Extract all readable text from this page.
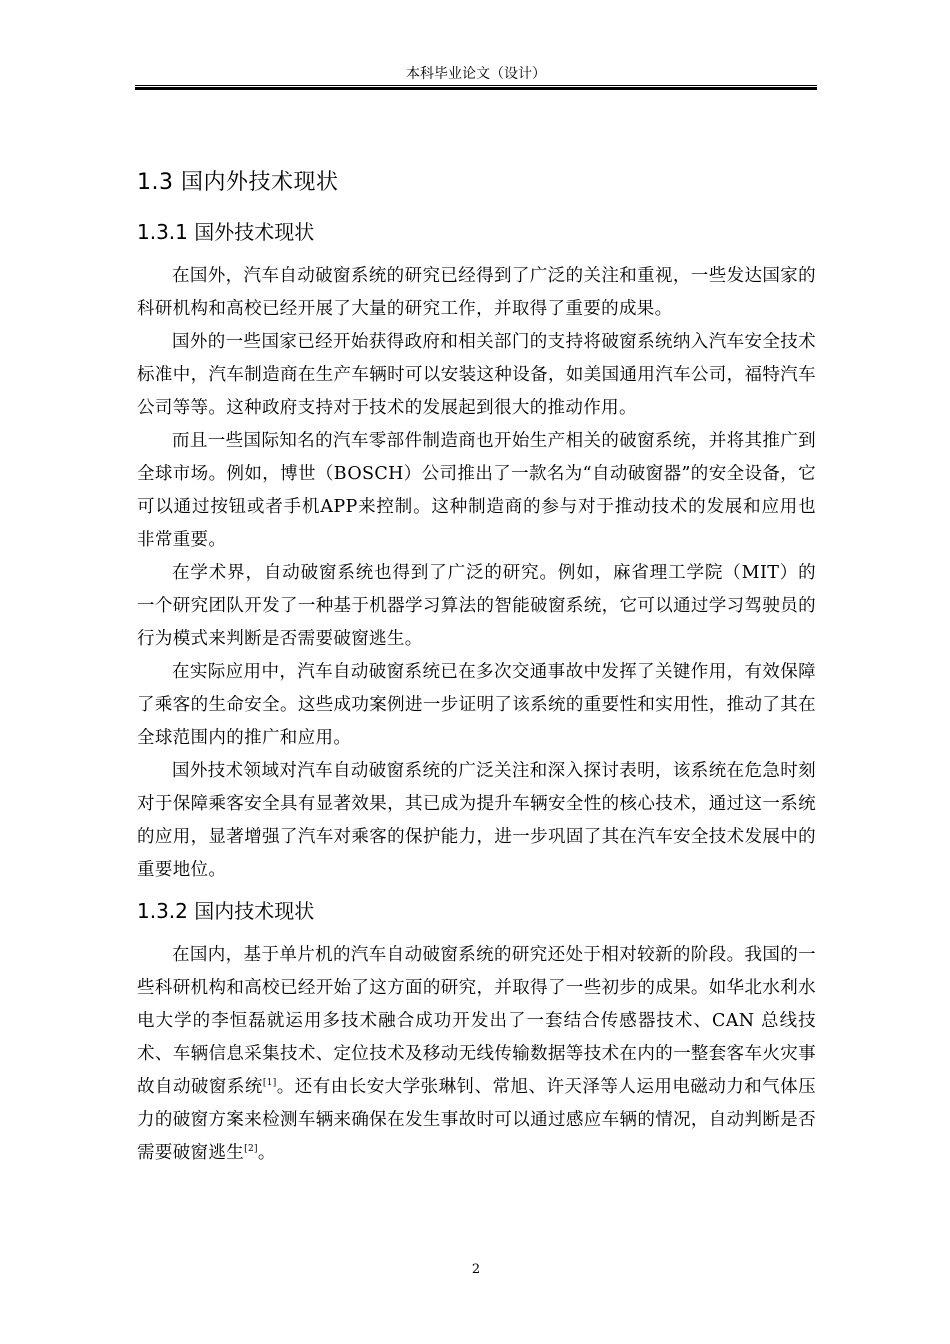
本科毕业论文（设计）
1.3 国内外技术现状
1.3.1 国外技术现状

在国外，汽车自动破窗系统的研究已经得到了广泛的关注和重视，一些发达国家的科研机构和高校已经开展了大量的研究工作，并取得了重要的成果。

国外的一些国家已经开始获得政府和相关部门的支持将破窗系统纳入汽车安全技术标准中，汽车制造商在生产车辆时可以安装这种设备，如美国通用汽车公司，福特汽车公司等等。这种政府支持对于技术的发展起到很大的推动作用。

而且一些国际知名的汽车零部件制造商也开始生产相关的破窗系统，并将其推广到全球市场。例如，博世（BOSCH）公司推出了一款名为“自动破窗器”的安全设备，它可以通过按钮或者手机APP来控制。这种制造商的参与对于推动技术的发展和应用也非常重要。

在学术界，自动破窗系统也得到了广泛的研究。例如，麻省理工学院（MIT）的一个研究团队开发了一种基于机器学习算法的智能破窗系统，它可以通过学习驾驶员的行为模式来判断是否需要破窗逃生。

在实际应用中，汽车自动破窗系统已在多次交通事故中发挥了关键作用，有效保障了乘客的生命安全。这些成功案例进一步证明了该系统的重要性和实用性，推动了其在全球范围内的推广和应用。

国外技术领域对汽车自动破窗系统的广泛关注和深入探讨表明，该系统在危急时刻对于保障乘客安全具有显著效果，其已成为提升车辆安全性的核心技术，通过这一系统的应用，显著增强了汽车对乘客的保护能力，进一步巩固了其在汽车安全技术发展中的重要地位。

1.3.2 国内技术现状

在国内，基于单片机的汽车自动破窗系统的研究还处于相对较新的阶段。我国的一些科研机构和高校已经开始了这方面的研究，并取得了一些初步的成果。如华北水利水电大学的李恒磊就运用多技术融合成功开发出了一套结合传感器技术、CAN 总线技术、车辆信息采集技术、定位技术及移动无线传输数据等技术在内的一整套客车火灾事故自动破窗系统[1]。还有由长安大学张琳钊、常旭、许天泽等人运用电磁动力和气体压力的破窗方案来检测车辆来确保在发生事故时可以通过感应车辆的情况，自动判断是否需要破窗逃生[2]。

2
